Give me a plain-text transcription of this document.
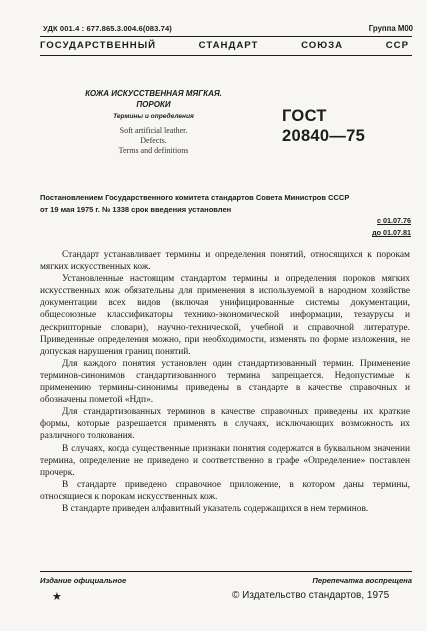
УДК 001.4 : 677.865.3.004.6(083.74)	Группа М00
ГОСУДАРСТВЕННЫЙ СТАНДАРТ СОЮЗА ССР
КОЖА ИСКУССТВЕННАЯ МЯГКАЯ.
ПОРОКИ
Термины и определения
Soft artificial leather.
Defects.
Terms and definitions
ГОСТ
20840—75
Постановлением Государственного комитета стандартов Совета Министров СССР
от 19 мая 1975 г. № 1338 срок введения установлен
с 01.07.76
до 01.07.81

Стандарт устанавливает термины и определения понятий, относящихся к порокам мягких искусственных кож.

Установленные настоящим стандартом термины и определения пороков мягких искусственных кож обязательны для применения в используемой в народном хозяйстве документации всех видов (включая унифицированные системы документации, общесоюзные классификаторы технико-экономической информации, тезаурусы и дескрипторные словари), научно-технической, учебной и справочной литературе. Приведенные определения можно, при необходимости, изменять по форме изложения, не допуская нарушения границ понятий.

Для каждого понятия установлен один стандартизованный термин. Применение терминов-синонимов стандартизованного термина запрещается. Недопустимые к применению термины-синонимы приведены в стандарте в качестве справочных и обозначены пометой «Ндп».

Для стандартизованных терминов в качестве справочных приведены их краткие формы, которые разрешается применять в случаях, исключающих возможность их различного толкования.

В случаях, когда существенные признаки понятия содержатся в буквальном значении термина, определение не приведено и соответственно в графе «Определение» поставлен прочерк.

В стандарте приведено справочное приложение, в котором даны термины, относящиеся к порокам искусственных кож.

В стандарте приведен алфавитный указатель содержащихся в нем терминов.

Издание официальное	Перепечатка воспрещена
★	© Издательство стандартов, 1975
